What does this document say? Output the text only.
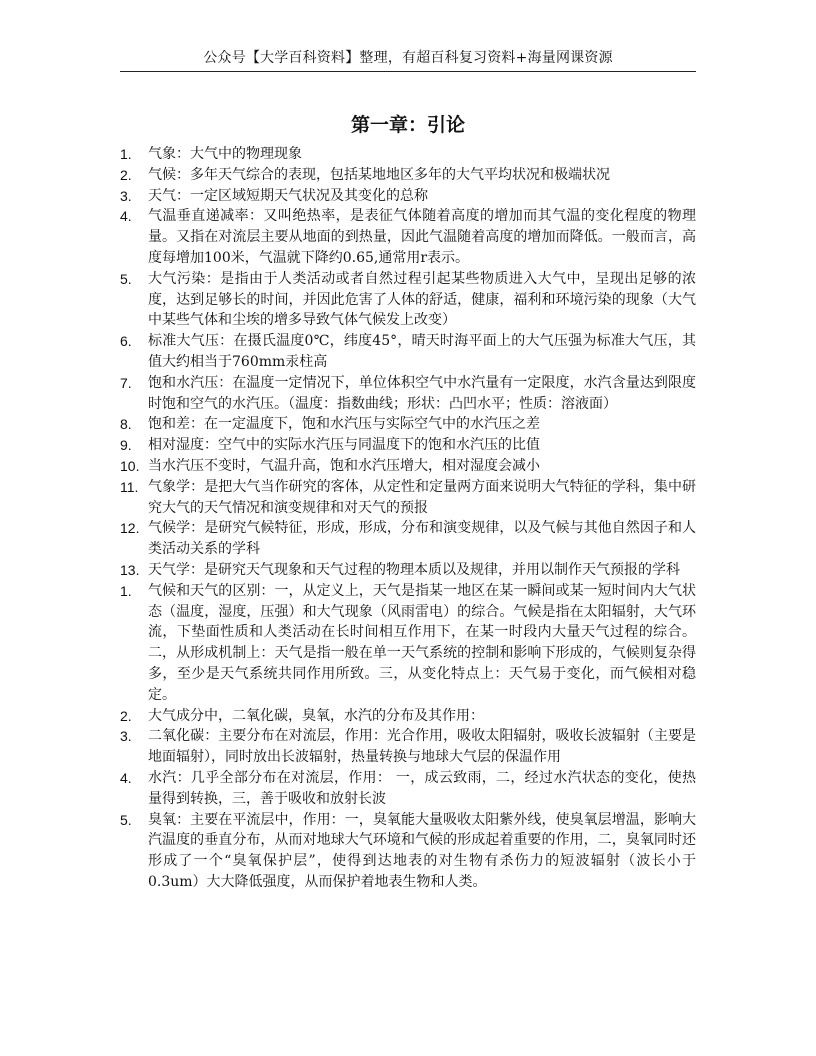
公众号【大学百科资料】整理，有超百科复习资料+海量网课资源
第一章：引论
1.	气象：大气中的物理现象
2.	气候：多年天气综合的表现，包括某地地区多年的大气平均状况和极端状况
3.	天气：一定区域短期天气状况及其变化的总称
4.	气温垂直递减率：又叫绝热率，是表征气体随着高度的增加而其气温的变化程度的物理量。又指在对流层主要从地面的到热量，因此气温随着高度的增加而降低。一般而言，高度每增加100米，气温就下降约0.65,通常用r表示。
5.	大气污染：是指由于人类活动或者自然过程引起某些物质进入大气中，呈现出足够的浓度，达到足够长的时间，并因此危害了人体的舒适，健康，福利和环境污染的现象（大气中某些气体和尘埃的增多导致气体气候发上改变）
6.	标准大气压：在摄氏温度0℃，纬度45°，晴天时海平面上的大气压强为标准大气压，其值大约相当于760mm汞柱高
7.	饱和水汽压：在温度一定情况下，单位体积空气中水汽量有一定限度，水汽含量达到限度时饱和空气的水汽压。（温度：指数曲线；形状：凸凹水平；性质：溶液面）
8.	饱和差：在一定温度下，饱和水汽压与实际空气中的水汽压之差
9.	相对湿度：空气中的实际水汽压与同温度下的饱和水汽压的比值
10. 当水汽压不变时，气温升高，饱和水汽压增大，相对湿度会减小
11. 气象学：是把大气当作研究的客体，从定性和定量两方面来说明大气特征的学科，集中研究大气的天气情况和演变规律和对天气的预报
12. 气候学：是研究气候特征，形成，形成，分布和演变规律，以及气候与其他自然因子和人类活动关系的学科
13. 天气学：是研究天气现象和天气过程的物理本质以及规律，并用以制作天气预报的学科
1.	气候和天气的区别：一，从定义上，天气是指某一地区在某一瞬间或某一短时间内大气状态（温度，湿度，压强）和大气现象（风雨雷电）的综合。气候是指在太阳辐射，大气环流，下垫面性质和人类活动在长时间相互作用下，在某一时段内大量天气过程的综合。二，从形成机制上：天气是指一般在单一天气系统的控制和影响下形成的，气候则复杂得多，至少是天气系统共同作用所致。三，从变化特点上：天气易于变化，而气候相对稳定。
2.	大气成分中，二氧化碳，臭氧，水汽的分布及其作用：
3.	二氧化碳：主要分布在对流层，作用：光合作用，吸收太阳辐射，吸收长波辐射（主要是地面辐射），同时放出长波辐射，热量转换与地球大气层的保温作用
4.	水汽：几乎全部分布在对流层，作用： 一，成云致雨，二，经过水汽状态的变化，使热量得到转换，三，善于吸收和放射长波
5.	臭氧：主要在平流层中，作用：一，臭氧能大量吸收太阳紫外线，使臭氧层增温，影响大汽温度的垂直分布，从而对地球大气环境和气候的形成起着重要的作用，二，臭氧同时还形成了一个“臭氧保护层”，使得到达地表的对生物有杀伤力的短波辐射（波长小于0.3um）大大降低强度，从而保护着地表生物和人类。
